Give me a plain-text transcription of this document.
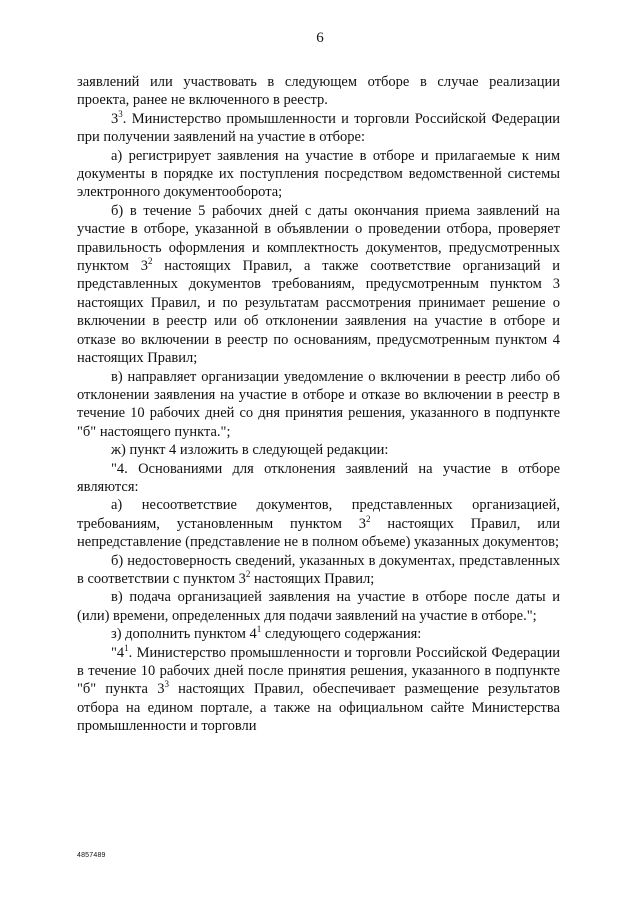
6

заявлений или участвовать в следующем отборе в случае реализации проекта, ранее не включенного в реестр.

$3^3$. Министерство промышленности и торговли Российской Федерации при получении заявлений на участие в отборе:

а) регистрирует заявления на участие в отборе и прилагаемые к ним документы в порядке их поступления посредством ведомственной системы электронного документооборота;

б) в течение 5 рабочих дней с даты окончания приема заявлений на участие в отборе, указанной в объявлении о проведении отбора, проверяет правильность оформления и комплектность документов, предусмотренных пунктом $3^2$ настоящих Правил, а также соответствие организаций и представленных документов требованиям, предусмотренным пунктом 3 настоящих Правил, и по результатам рассмотрения принимает решение о включении в реестр или об отклонении заявления на участие в отборе и отказе во включении в реестр по основаниям, предусмотренным пунктом 4 настоящих Правил;

в) направляет организации уведомление о включении в реестр либо об отклонении заявления на участие в отборе и отказе во включении в реестр в течение 10 рабочих дней со дня принятия решения, указанного в подпункте "б" настоящего пункта.";

ж) пункт 4 изложить в следующей редакции:

"4. Основаниями для отклонения заявлений на участие в отборе являются:

а) несоответствие документов, представленных организацией, требованиям, установленным пунктом $3^2$ настоящих Правил, или непредставление (представление не в полном объеме) указанных документов;

б) недостоверность сведений, указанных в документах, представленных в соответствии с пунктом $3^2$ настоящих Правил;

в) подача организацией заявления на участие в отборе после даты и (или) времени, определенных для подачи заявлений на участие в отборе.";

з) дополнить пунктом $4^1$ следующего содержания:

"$4^1$. Министерство промышленности и торговли Российской Федерации в течение 10 рабочих дней после принятия решения, указанного в подпункте "б" пункта $3^3$ настоящих Правил, обеспечивает размещение результатов отбора на едином портале, а также на официальном сайте Министерства промышленности и торговли

4857489
